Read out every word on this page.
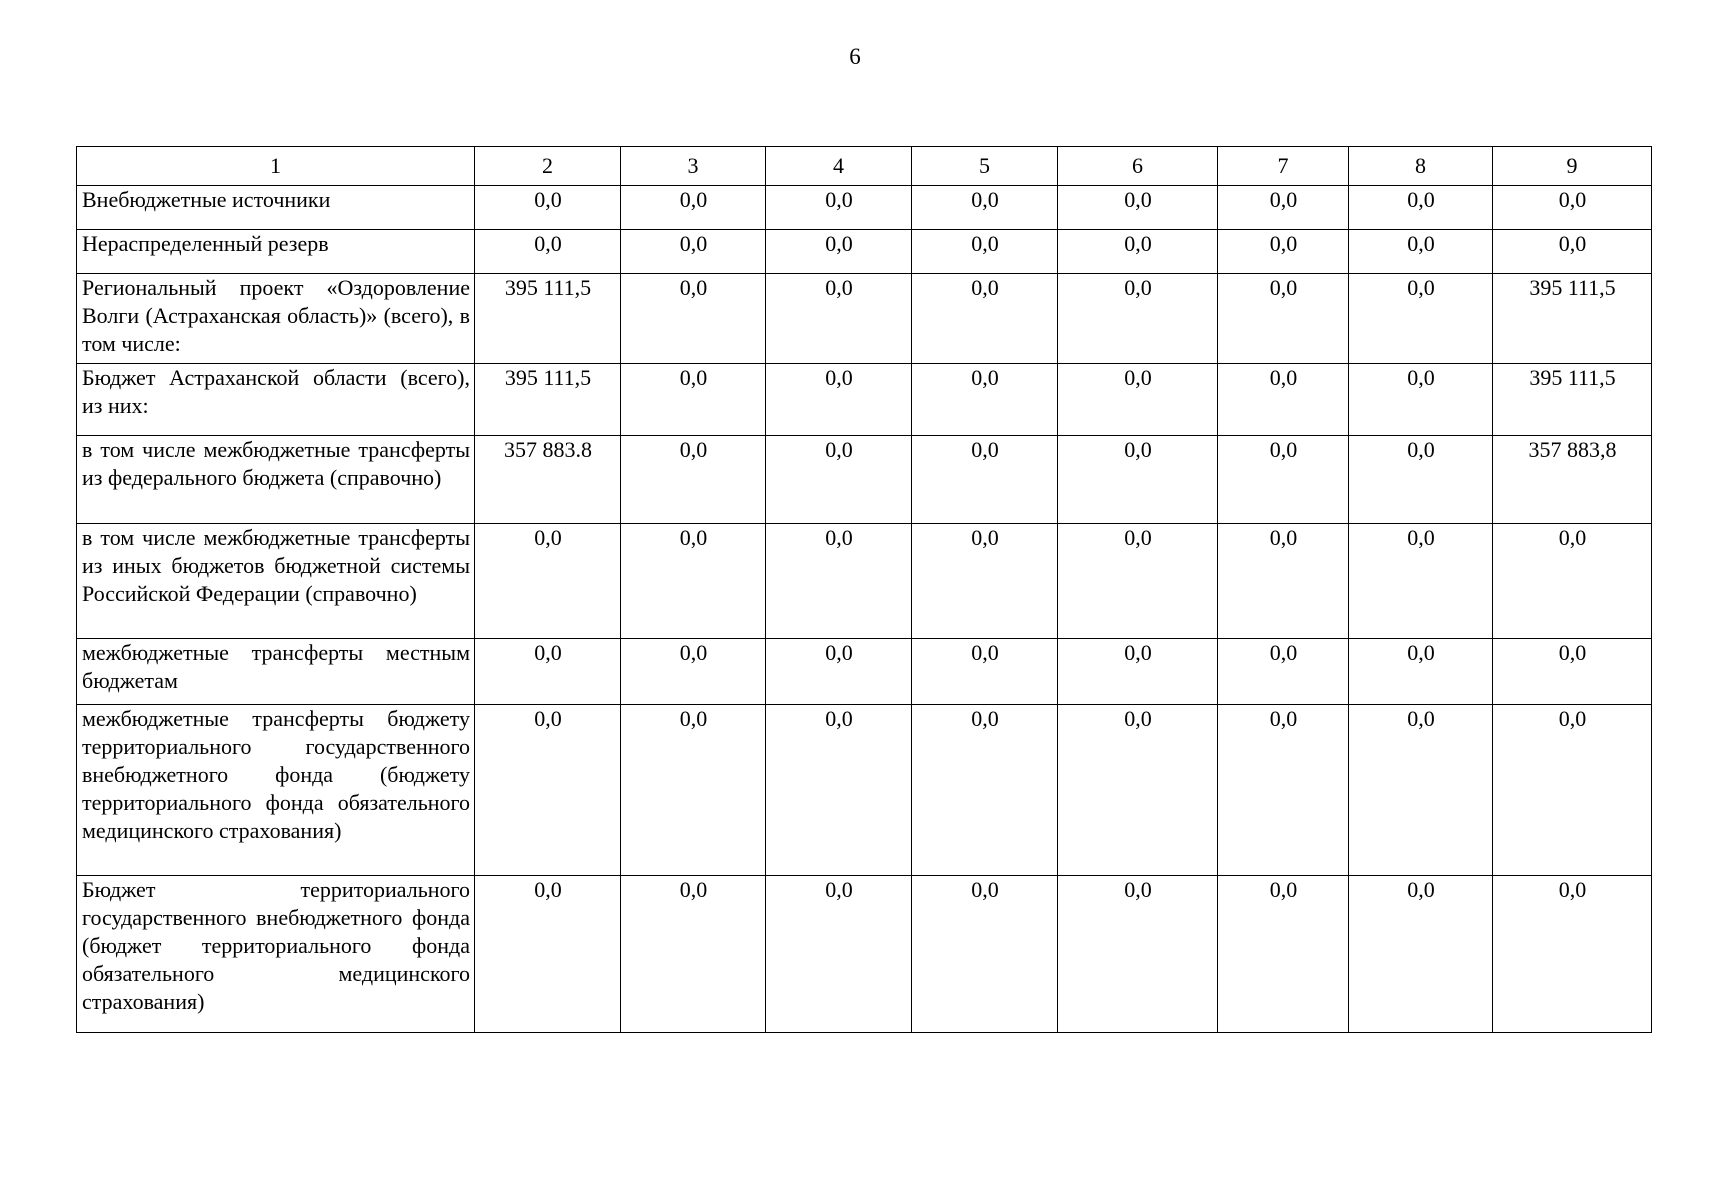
6
1	2	3	4	5	6	7	8	9
Внебюджетные источники	0,0	0,0	0,0	0,0	0,0	0,0	0,0	0,0
Нераспределенный резерв	0,0	0,0	0,0	0,0	0,0	0,0	0,0	0,0
Региональный проект «Оздоровление Волги (Астраханская область)» (всего), в том числе:	395 111,5	0,0	0,0	0,0	0,0	0,0	0,0	395 111,5
Бюджет Астраханской области (всего), из них:	395 111,5	0,0	0,0	0,0	0,0	0,0	0,0	395 111,5
в том числе межбюджетные трансферты из федерального бюджета (справочно)	357 883.8	0,0	0,0	0,0	0,0	0,0	0,0	357 883,8
в том числе межбюджетные трансферты из иных бюджетов бюджетной системы Российской Федерации (справочно)	0,0	0,0	0,0	0,0	0,0	0,0	0,0	0,0
межбюджетные трансферты местным бюджетам	0,0	0,0	0,0	0,0	0,0	0,0	0,0	0,0
межбюджетные трансферты бюджету территориального государственного внебюджетного фонда (бюджету территориального фонда обязательного медицинского страхования)	0,0	0,0	0,0	0,0	0,0	0,0	0,0	0,0
Бюджет территориального государственного внебюджетного фонда (бюджет территориального фонда обязательного медицинского страхования)	0,0	0,0	0,0	0,0	0,0	0,0	0,0	0,0
